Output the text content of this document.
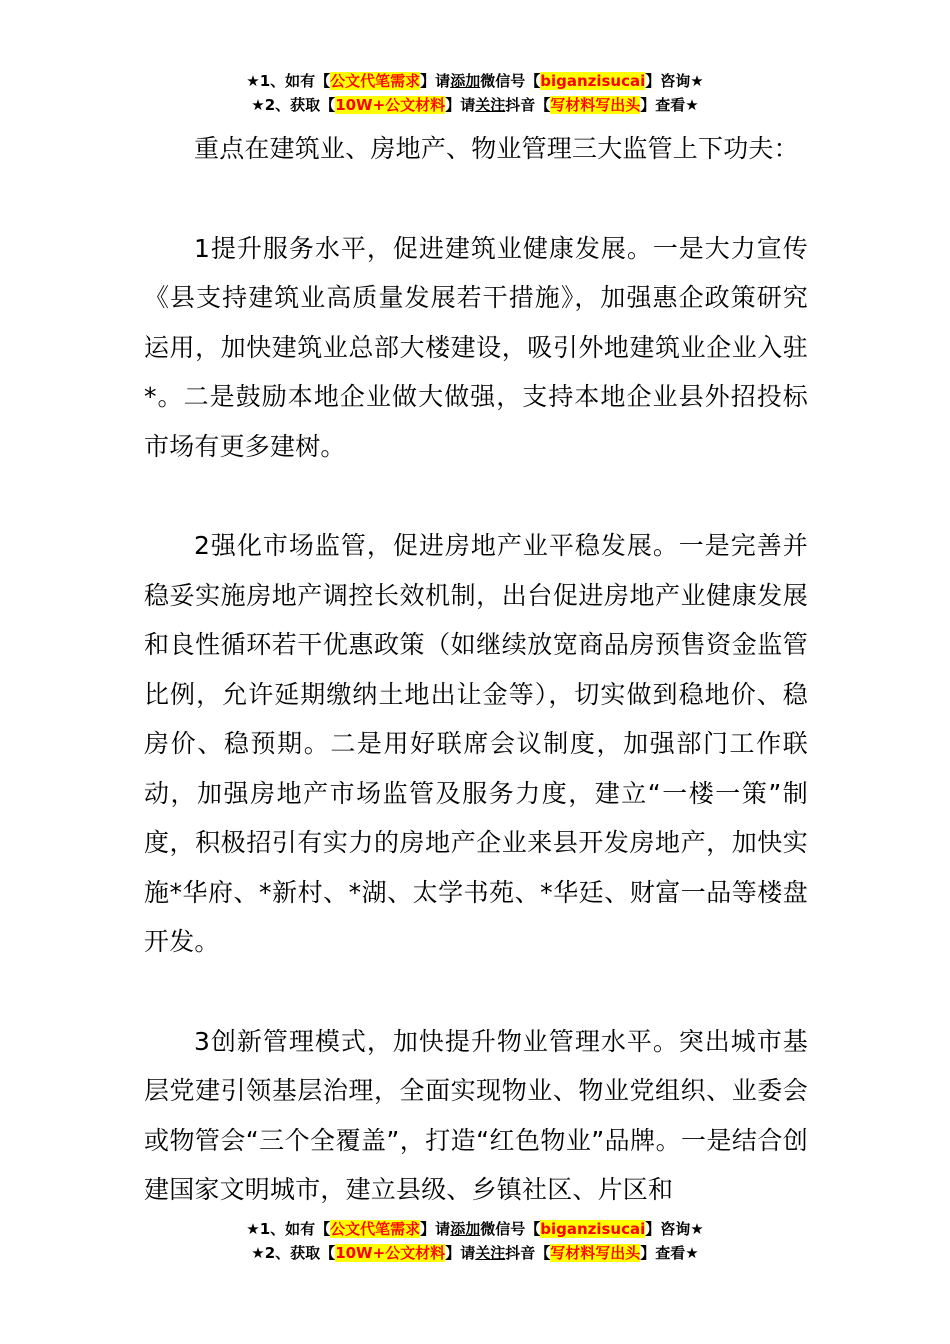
★1、如有【公文代笔需求】请添加微信号【biganzisucai】咨询★
★2、获取【10W+公文材料】请关注抖音【写材料写出头】查看★

重点在建筑业、房地产、物业管理三大监管上下功夫：

1提升服务水平，促进建筑业健康发展。一是大力宣传《县支持建筑业高质量发展若干措施》，加强惠企政策研究运用，加快建筑业总部大楼建设，吸引外地建筑业企业入驻*。二是鼓励本地企业做大做强，支持本地企业县外招投标市场有更多建树。

2强化市场监管，促进房地产业平稳发展。一是完善并稳妥实施房地产调控长效机制，出台促进房地产业健康发展和良性循环若干优惠政策（如继续放宽商品房预售资金监管比例，允许延期缴纳土地出让金等），切实做到稳地价、稳房价、稳预期。二是用好联席会议制度，加强部门工作联动，加强房地产市场监管及服务力度，建立“一楼一策”制度，积极招引有实力的房地产企业来县开发房地产，加快实施*华府、*新村、*湖、太学书苑、*华廷、财富一品等楼盘开发。

3创新管理模式，加快提升物业管理水平。突出城市基层党建引领基层治理，全面实现物业、物业党组织、业委会或物管会“三个全覆盖”，打造“红色物业”品牌。一是结合创建国家文明城市，建立县级、乡镇社区、片区和

★1、如有【公文代笔需求】请添加微信号【biganzisucai】咨询★
★2、获取【10W+公文材料】请关注抖音【写材料写出头】查看★
